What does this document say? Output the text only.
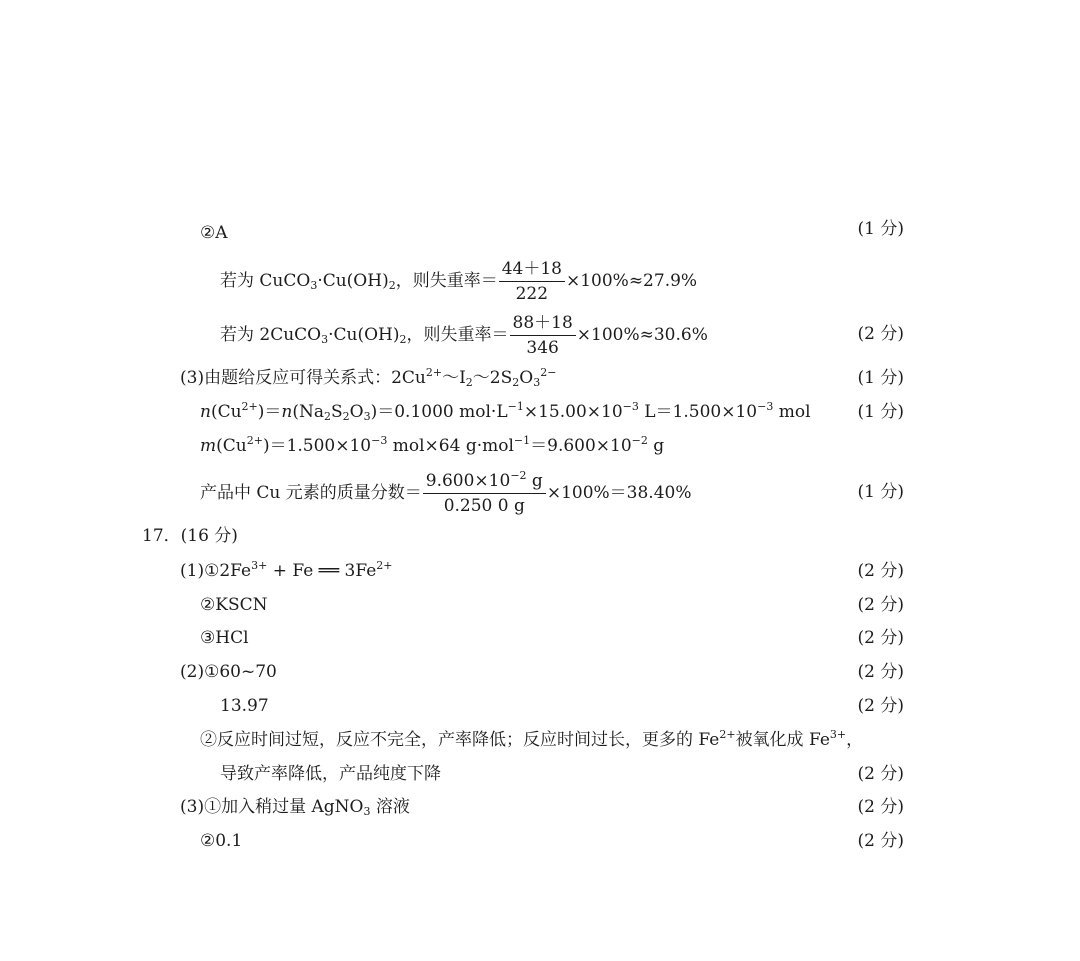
②A	(1 分)
若为 $CuCO_3\cdot Cu(OH)_2$，则失重率＝ $\frac{44+18}{222} \times 100\%\approx 27.9\%$
若为 $2CuCO_3\cdot Cu(OH)_2$，则失重率＝ $\frac{88+18}{346} \times 100\%\approx 30.6\%$	(2 分)
(3)由题给反应可得关系式：$2Cu^{2+}\sim I_2\sim 2S_2O_3^{2-}$	(1 分)
$n(Cu^{2+})=n(Na_2S_2O_3)=0.1000$ $mol\cdot L^{-1}\times 15.00\times 10^{-3}$ $L=1.500\times 10^{-3}$ mol	(1 分)
$m(Cu^{2+})=1.500\times 10^{-3}$ mol×64 $g\cdot mol^{-1}=9.600\times 10^{-2}$ g
产品中 Cu 元素的质量分数＝ $\frac{9.600\times 10^{-2} g}{0.250 0 g} \times 100\%=38.40\%$	(1 分)
17．(16 分)
$(1)①2Fe^{3+} + Fe$ ══ $3Fe^{2+}$	(2 分)
②KSCN	(2 分)
③HCl	(2 分)
(2)①60~70	(2 分)
13.97	(2 分)
②反应时间过短，反应不完全，产率降低；反应时间过长，更多的 $Fe^{2+}$被氧化成 $Fe^{3+}$，
导致产率降低，产品纯度下降	(2 分)
(3)①加入稍过量 AgNO$_3$ 溶液	(2 分)
②0.1	(2 分)
